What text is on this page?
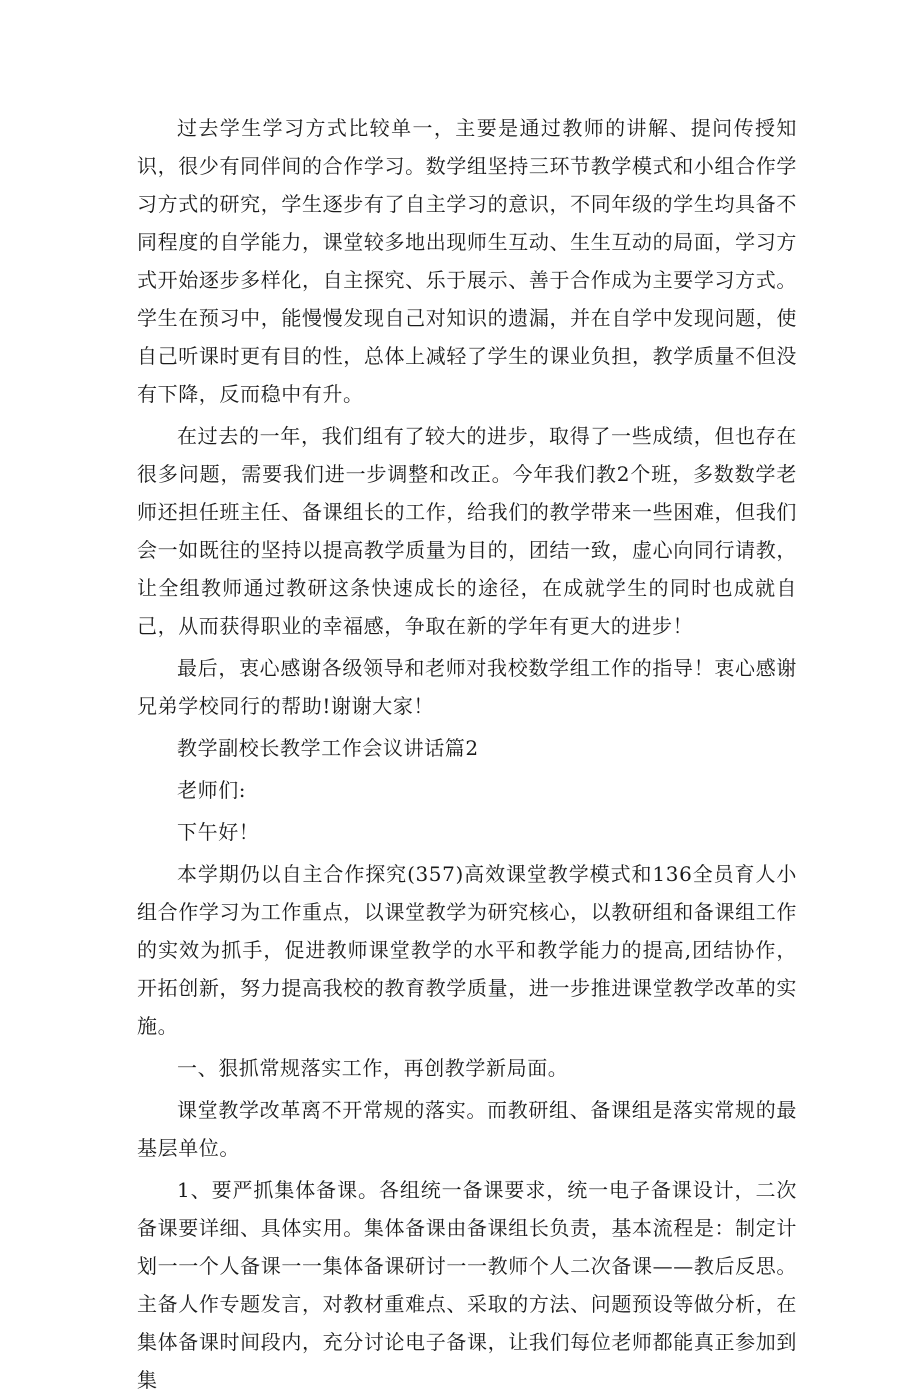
过去学生学习方式比较单一，主要是通过教师的讲解、提问传授知识，很少有同伴间的合作学习。数学组坚持三环节教学模式和小组合作学习方式的研究，学生逐步有了自主学习的意识，不同年级的学生均具备不同程度的自学能力，课堂较多地出现师生互动、生生互动的局面，学习方式开始逐步多样化，自主探究、乐于展示、善于合作成为主要学习方式。学生在预习中，能慢慢发现自己对知识的遗漏，并在自学中发现问题，使自己听课时更有目的性，总体上减轻了学生的课业负担，教学质量不但没有下降，反而稳中有升。

在过去的一年，我们组有了较大的进步，取得了一些成绩，但也存在很多问题，需要我们进一步调整和改正。今年我们教2个班，多数数学老师还担任班主任、备课组长的工作，给我们的教学带来一些困难，但我们会一如既往的坚持以提高教学质量为目的，团结一致，虚心向同行请教，让全组教师通过教研这条快速成长的途径，在成就学生的同时也成就自己，从而获得职业的幸福感，争取在新的学年有更大的进步！

最后，衷心感谢各级领导和老师对我校数学组工作的指导！衷心感谢兄弟学校同行的帮助!谢谢大家！

教学副校长教学工作会议讲话篇2

老师们:

下午好！

本学期仍以自主合作探究(357)高效课堂教学模式和136全员育人小组合作学习为工作重点，以课堂教学为研究核心，以教研组和备课组工作的实效为抓手，促进教师课堂教学的水平和教学能力的提高,团结协作，开拓创新，努力提高我校的教育教学质量，进一步推进课堂教学改革的实施。

一、狠抓常规落实工作，再创教学新局面。

课堂教学改革离不开常规的落实。而教研组、备课组是落实常规的最基层单位。

1、要严抓集体备课。各组统一备课要求，统一电子备课设计，二次备课要详细、具体实用。集体备课由备课组长负责，基本流程是：制定计划一一个人备课一一集体备课研讨一一教师个人二次备课——教后反思。主备人作专题发言，对教材重难点、采取的方法、问题预设等做分析，在集体备课时间段内，充分讨论电子备课，让我们每位老师都能真正参加到集
